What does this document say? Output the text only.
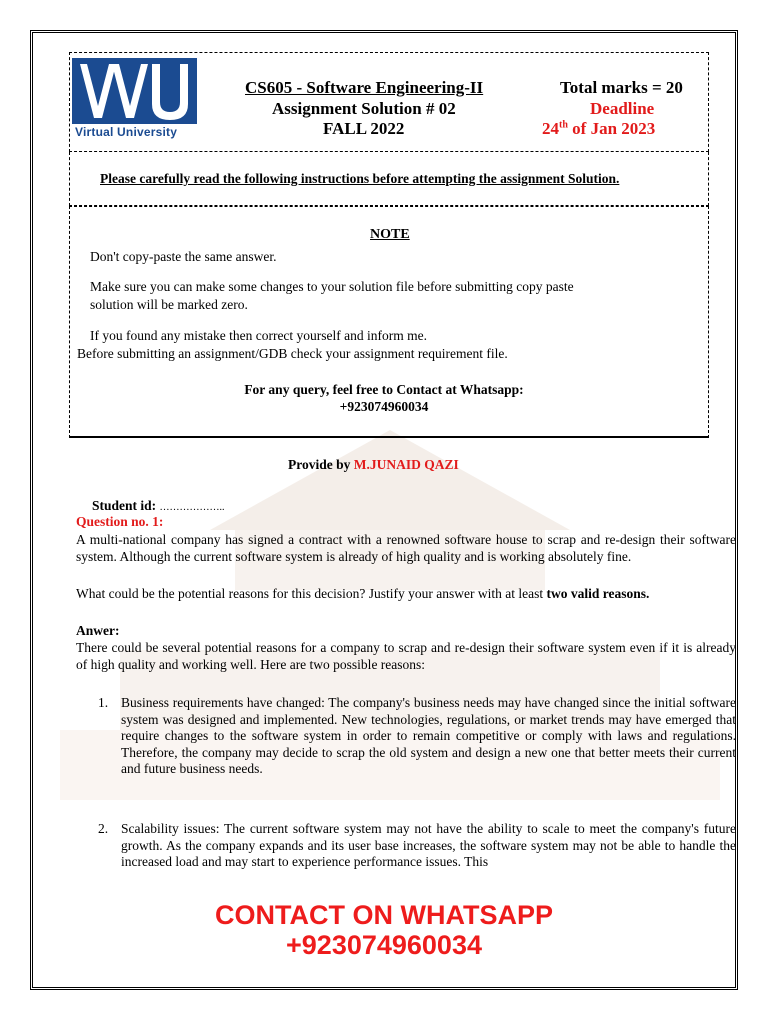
Virtual University
CS605 - Software Engineering-II
Assignment Solution # 02
FALL 2022
Total marks = 20
Deadline
24th of Jan 2023
Please carefully read the following instructions before attempting the assignment Solution.
NOTE
Don't copy-paste the same answer.
Make sure you can make some changes to your solution file before submitting copy paste
solution will be marked zero.
If you found any mistake then correct yourself and inform me.
Before submitting an assignment/GDB check your assignment requirement file.
For any query, feel free to Contact at Whatsapp:
+923074960034
Provide by M.JUNAID QAZI
Student id: ………………..
Question no. 1:
A multi-national company has signed a contract with a renowned software house to scrap and re-design their software system. Although the current software system is already of high quality and is working absolutely fine.
What could be the potential reasons for this decision? Justify your answer with at least two valid reasons.
Anwer:
There could be several potential reasons for a company to scrap and re-design their software system even if it is already of high quality and working well. Here are two possible reasons:
1. Business requirements have changed: The company's business needs may have changed since the initial software system was designed and implemented. New technologies, regulations, or market trends may have emerged that require changes to the software system in order to remain competitive or comply with laws and regulations. Therefore, the company may decide to scrap the old system and design a new one that better meets their current and future business needs.
2. Scalability issues: The current software system may not have the ability to scale to meet the company's future growth. As the company expands and its user base increases, the software system may not be able to handle the increased load and may start to experience performance issues. This
CONTACT ON WHATSAPP
+923074960034
